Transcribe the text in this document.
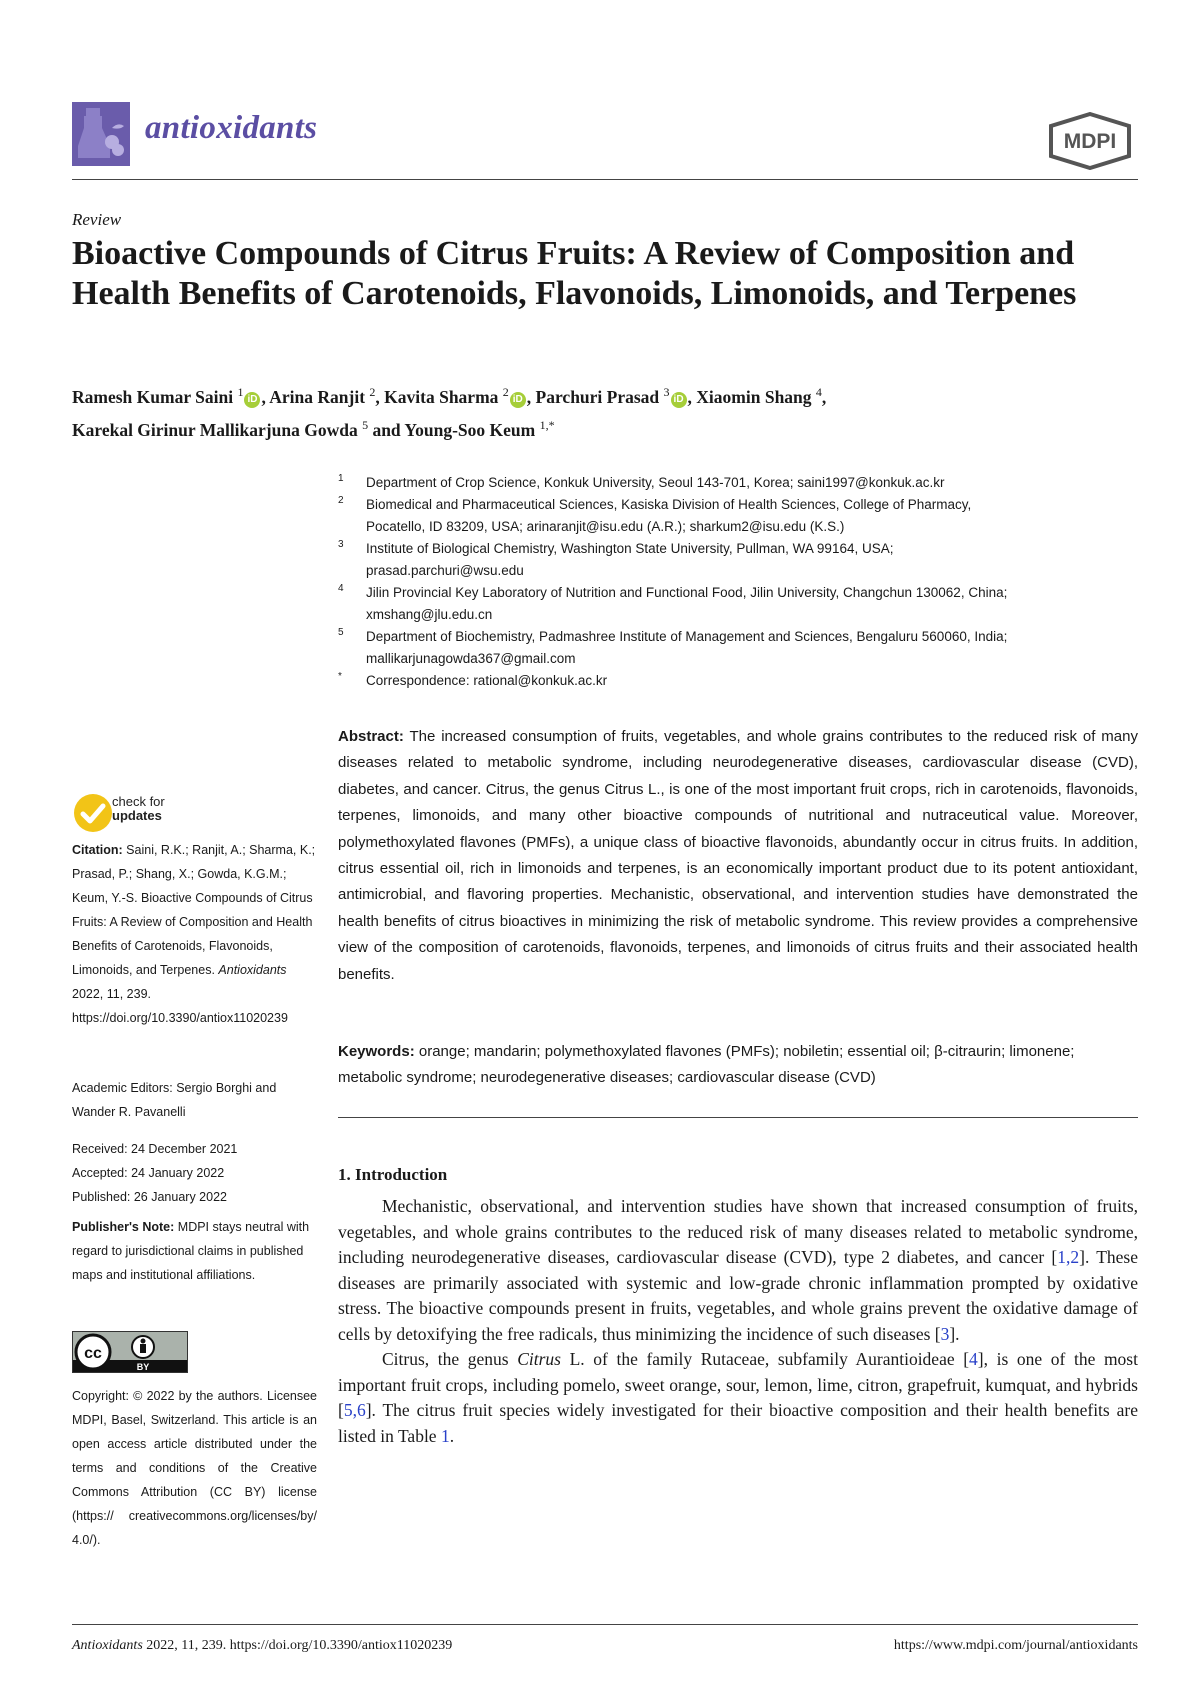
antioxidants	MDPI
Review
Bioactive Compounds of Citrus Fruits: A Review of Composition and Health Benefits of Carotenoids, Flavonoids, Limonoids, and Terpenes
Ramesh Kumar Saini $^1$iD , Arina Ranjit $^2$, Kavita Sharma $^2$iD , Parchuri Prasad $^3$iD , Xiaomin Shang $^4$,
Karekal Girinur Mallikarjuna Gowda $^5$ and Young-Soo Keum $^{1,*}$
1 Department of Crop Science, Konkuk University, Seoul 143-701, Korea; saini1997@konkuk.ac.kr
2 Biomedical and Pharmaceutical Sciences, Kasiska Division of Health Sciences, College of Pharmacy,
Pocatello, ID 83209, USA; arinaranjit@isu.edu (A.R.); sharkum2@isu.edu (K.S.)
3 Institute of Biological Chemistry, Washington State University, Pullman, WA 99164, USA;
prasad.parchuri@wsu.edu
4 Jilin Provincial Key Laboratory of Nutrition and Functional Food, Jilin University, Changchun 130062, China;
xmshang@jlu.edu.cn
5 Department of Biochemistry, Padmashree Institute of Management and Sciences, Bengaluru 560060, India;
mallikarjunagowda367@gmail.com
* Correspondence: rational@konkuk.ac.kr
Abstract: The increased consumption of fruits, vegetables, and whole grains contributes to the reduced risk of many diseases related to metabolic syndrome, including neurodegenerative diseases, cardiovascular disease (CVD), diabetes, and cancer. Citrus, the genus Citrus L., is one of the most important fruit crops, rich in carotenoids, flavonoids, terpenes, limonoids, and many other bioactive compounds of nutritional and nutraceutical value. Moreover, polymethoxylated flavones (PMFs), a unique class of bioactive flavonoids, abundantly occur in citrus fruits. In addition, citrus essential oil, rich in limonoids and terpenes, is an economically important product due to its potent antioxidant, antimicrobial, and flavoring properties. Mechanistic, observational, and intervention studies have demonstrated the health benefits of citrus bioactives in minimizing the risk of metabolic syndrome. This review provides a comprehensive view of the composition of carotenoids, flavonoids, terpenes, and limonoids of citrus fruits and their associated health benefits.
Keywords: orange; mandarin; polymethoxylated flavones (PMFs); nobiletin; essential oil; β-citraurin; limonene; metabolic syndrome; neurodegenerative diseases; cardiovascular disease (CVD)
1. Introduction

Mechanistic, observational, and intervention studies have shown that increased consumption of fruits, vegetables, and whole grains contributes to the reduced risk of many diseases related to metabolic syndrome, including neurodegenerative diseases, cardiovascular disease (CVD), type 2 diabetes, and cancer [1,2]. These diseases are primarily associated with systemic and low-grade chronic inflammation prompted by oxidative stress. The bioactive compounds present in fruits, vegetables, and whole grains prevent the oxidative damage of cells by detoxifying the free radicals, thus minimizing the incidence of such diseases [3].

Citrus, the genus Citrus L. of the family Rutaceae, subfamily Aurantioideae [4], is one of the most important fruit crops, including pomelo, sweet orange, sour, lemon, lime, citron, grapefruit, kumquat, and hybrids [5,6]. The citrus fruit species widely investigated for their bioactive composition and their health benefits are listed in Table 1.

check for
updates
Citation: Saini, R.K.; Ranjit, A.; Sharma, K.; Prasad, P.; Shang, X.; Gowda, K.G.M.; Keum, Y.-S. Bioactive Compounds of Citrus Fruits: A Review of Composition and Health Benefits of Carotenoids, Flavonoids, Limonoids, and Terpenes. Antioxidants 2022, 11, 239. https://doi.org/10.3390/antiox11020239
Academic Editors: Sergio Borghi and Wander R. Pavanelli
Received: 24 December 2021
Accepted: 24 January 2022
Published: 26 January 2022
Publisher's Note: MDPI stays neutral with regard to jurisdictional claims in published maps and institutional affiliations.
cc
BY
Copyright: © 2022 by the authors. Licensee MDPI, Basel, Switzerland. This article is an open access article distributed under the terms and conditions of the Creative Commons Attribution (CC BY) license (https:// creativecommons.org/licenses/by/ 4.0/).
Antioxidants 2022, 11, 239. https://doi.org/10.3390/antiox11020239	https://www.mdpi.com/journal/antioxidants
